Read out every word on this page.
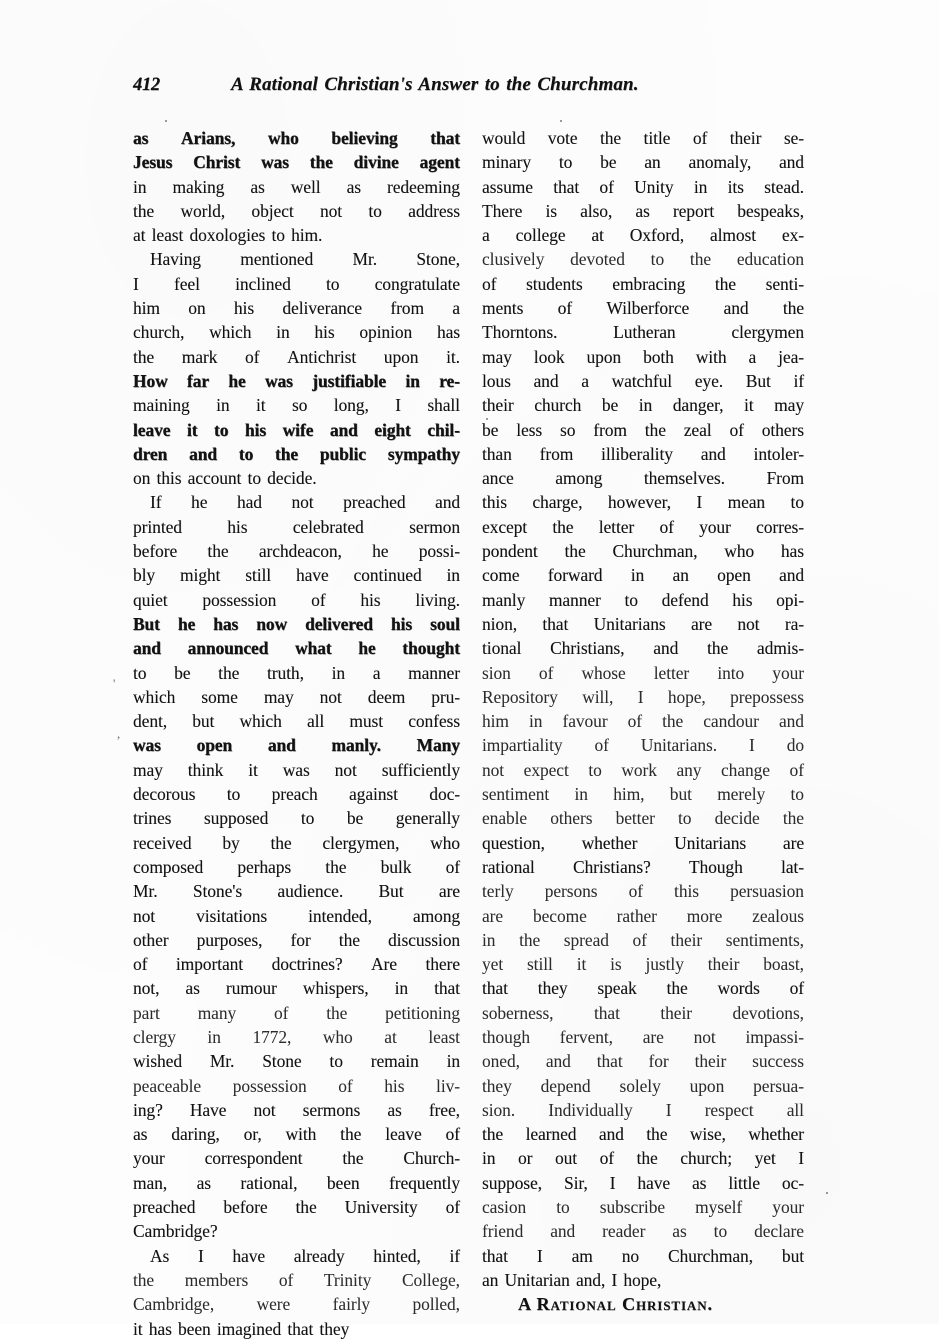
412	A Rational Christian's Answer to the Churchman.
as Arians, who believing that
Jesus Christ was the divine agent
in making as well as redeeming
the world, object not to address
at least doxologies to him.
Having mentioned Mr. Stone,
I feel inclined to congratulate
him on his deliverance from a
church, which in his opinion has
the mark of Antichrist upon it.
How far he was justifiable in re-
maining in it so long, I shall
leave it to his wife and eight chil-
dren and to the public sympathy
on this account to decide.
If he had not preached and
printed	his	celebrated	sermon
before the archdeacon, he possi-
bly might still have continued in
quiet possession of his living.
But he has now delivered his soul
and announced what he thought
to be the truth, in a manner
which some may not deem pru-
dent, but which all must confess
was open and manly. Many
may think it was not sufficiently
decorous to preach against doc-
trines supposed to be generally
received by the clergymen, who
composed perhaps the bulk of
Mr. Stone's audience. But are
not visitations intended, among
other purposes, for the discussion
of important doctrines? Are there
not, as rumour whispers, in that
part many of the petitioning
clergy in 1772, who at least
wished Mr. Stone to remain in
peaceable possession of his liv-
ing? Have not sermons as free,
as daring, or, with the leave of
your correspondent the Church-
man, as rational, been frequently
preached before the University of
Cambridge?
As I have already hinted, if
the members of Trinity College,
Cambridge, were fairly polled,
it has been imagined that they
would vote the title of their se-
minary to be an anomaly, and
assume that of Unity in its stead.
There is also, as report bespeaks,
a college at Oxford, almost ex-
clusively devoted to the education
of students embracing the senti-
ments of Wilberforce and the
Thorntons.	Lutheran	clergymen
may look upon both with a jea-
lous and a watchful eye. But if
their church be in danger, it may
be less so from the zeal of others
than from illiberality and intoler-
ance among themselves. From
this charge, however, I mean to
except the letter of your corres-
pondent the Churchman, who has
come forward in an open and
manly manner to defend his opi-
nion, that Unitarians are not ra-
tional Christians, and the admis-
sion of whose letter into your
Repository will, I hope, prepossess
him in favour of the candour and
impartiality of Unitarians. I do
not expect to work any change of
sentiment in him, but merely to
enable others better to decide the
question, whether Unitarians are
rational Christians? Though lat-
terly persons of this persuasion
are become rather more zealous
in the spread of their sentiments,
yet still it is justly their boast,
that they speak the words of
soberness, that their devotions,
though fervent, are not impassi-
oned, and that for their success
they depend solely upon persua-
sion. Individually I respect all
the learned and the wise, whether
in or out of the church; yet I
suppose, Sir, I have as little oc-
casion to subscribe myself your
friend and reader as to declare
that I am no Churchman, but
an Unitarian and, I hope,
A Rational Christian.
'
,
